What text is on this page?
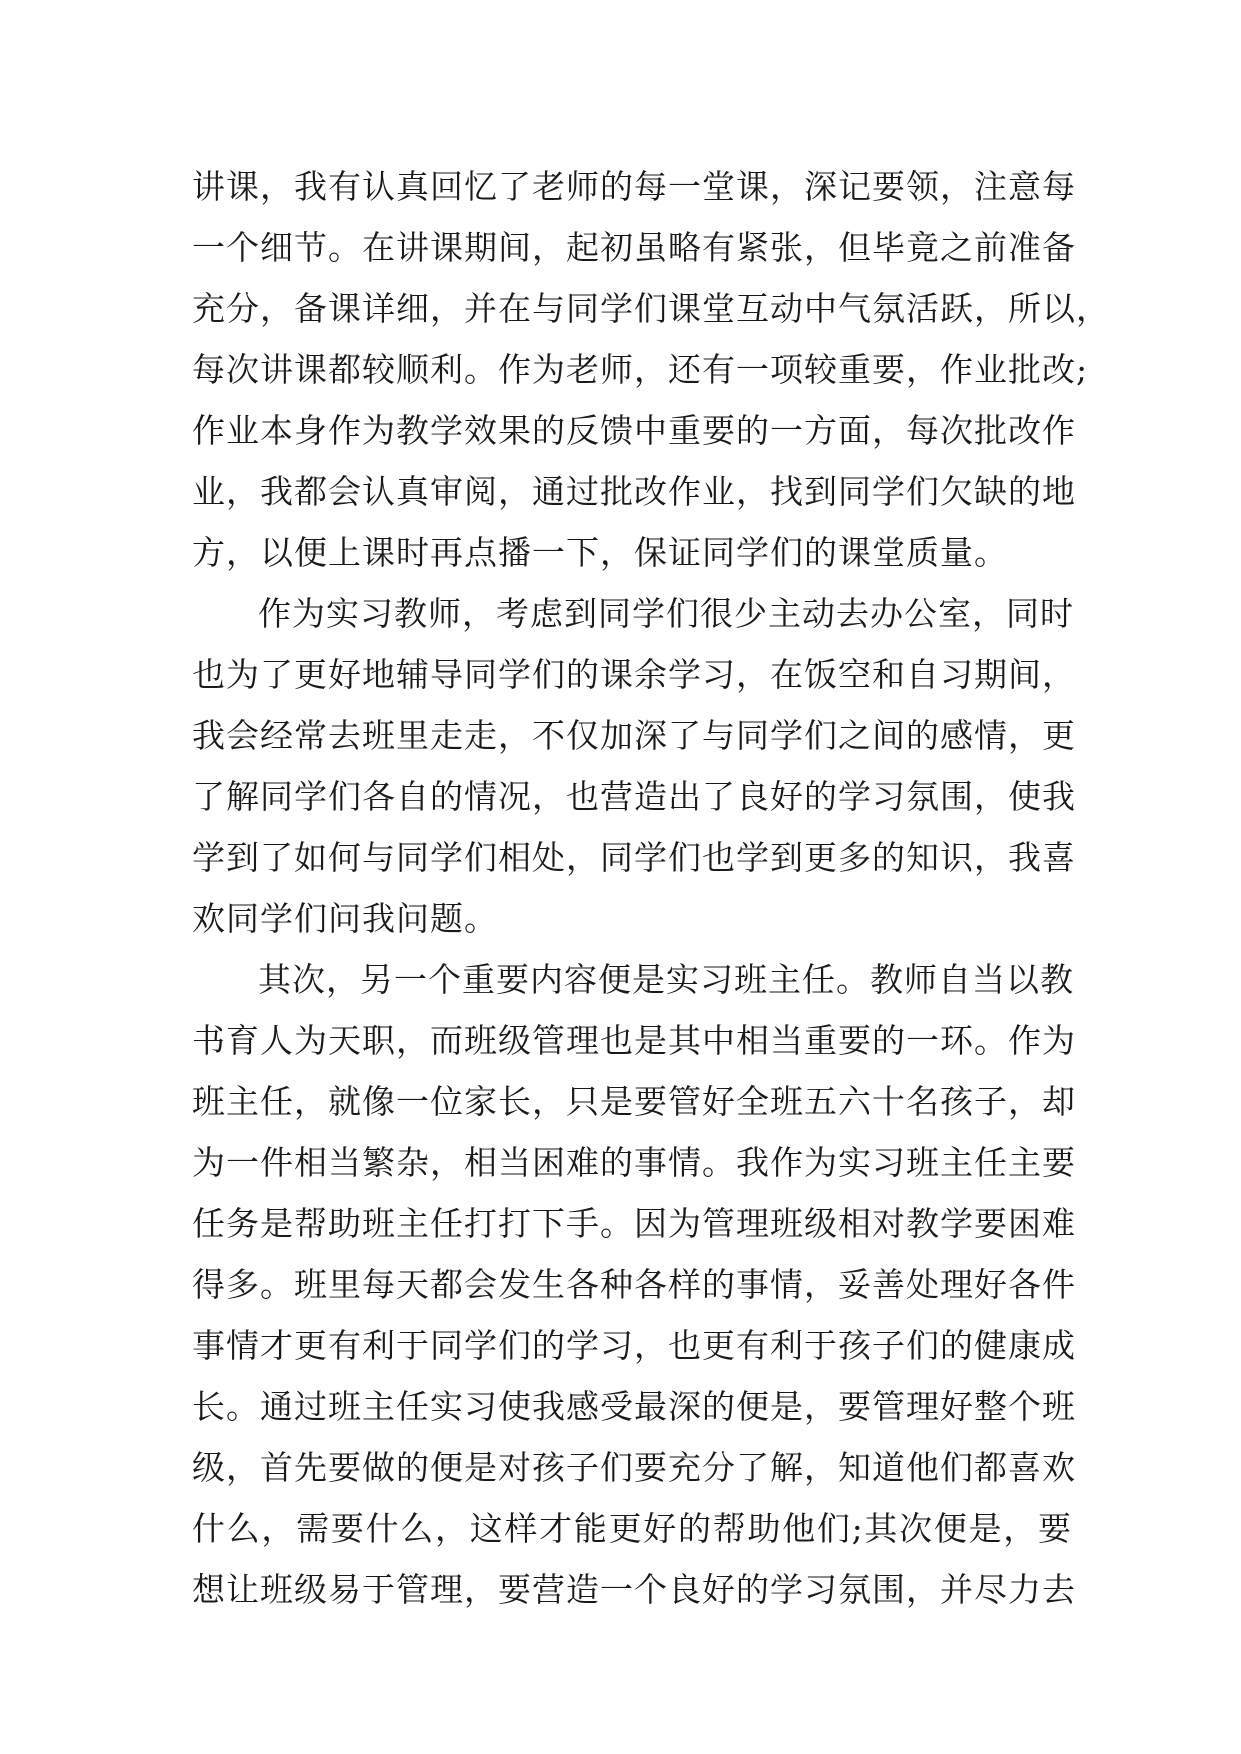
讲课，我有认真回忆了老师的每一堂课，深记要领，注意每
一个细节。在讲课期间，起初虽略有紧张，但毕竟之前准备
充分，备课详细，并在与同学们课堂互动中气氛活跃，所以，
每次讲课都较顺利。作为老师，还有一项较重要，作业批改;
作业本身作为教学效果的反馈中重要的一方面，每次批改作
业，我都会认真审阅，通过批改作业，找到同学们欠缺的地
方，以便上课时再点播一下，保证同学们的课堂质量。
作为实习教师，考虑到同学们很少主动去办公室，同时
也为了更好地辅导同学们的课余学习，在饭空和自习期间，
我会经常去班里走走，不仅加深了与同学们之间的感情，更
了解同学们各自的情况，也营造出了良好的学习氛围，使我
学到了如何与同学们相处，同学们也学到更多的知识，我喜
欢同学们问我问题。
其次，另一个重要内容便是实习班主任。教师自当以教
书育人为天职，而班级管理也是其中相当重要的一环。作为
班主任，就像一位家长，只是要管好全班五六十名孩子，却
为一件相当繁杂，相当困难的事情。我作为实习班主任主要
任务是帮助班主任打打下手。因为管理班级相对教学要困难
得多。班里每天都会发生各种各样的事情，妥善处理好各件
事情才更有利于同学们的学习，也更有利于孩子们的健康成
长。通过班主任实习使我感受最深的便是，要管理好整个班
级，首先要做的便是对孩子们要充分了解，知道他们都喜欢
什么，需要什么，这样才能更好的帮助他们;其次便是，要
想让班级易于管理，要营造一个良好的学习氛围，并尽力去
